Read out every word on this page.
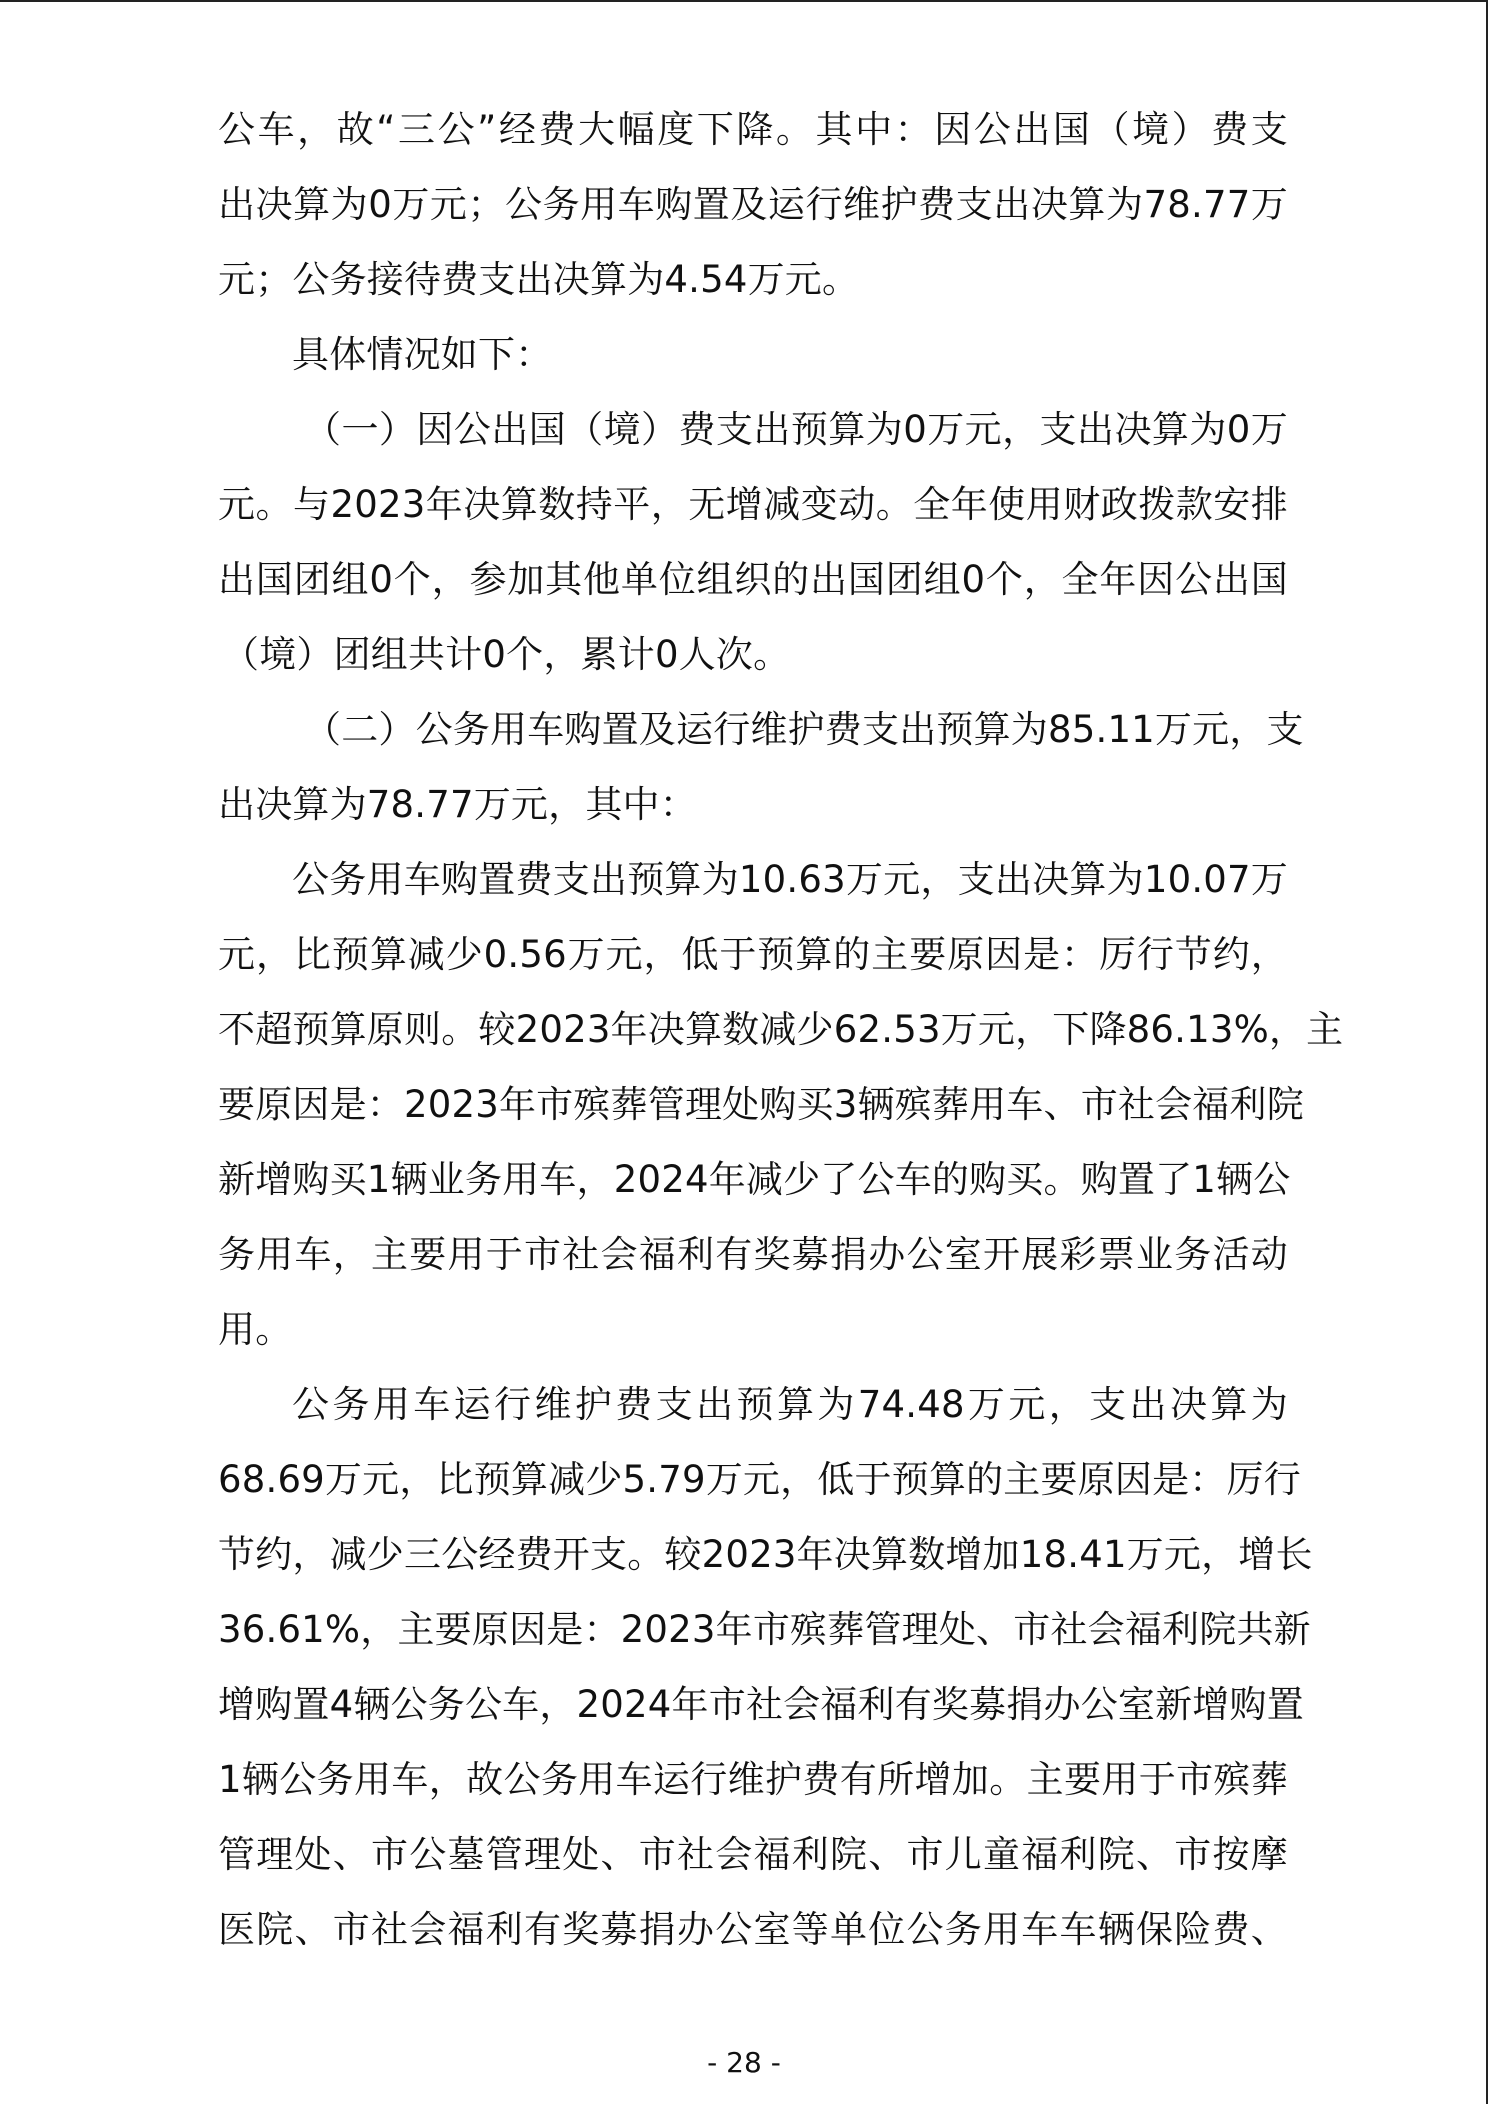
公车，故“三公”经费大幅度下降。其中：因公出国（境）费支
出决算为0万元；公务用车购置及运行维护费支出决算为78.77万
元；公务接待费支出决算为4.54万元。
具体情况如下：
（一）因公出国（境）费支出预算为0万元，支出决算为0万
元。与2023年决算数持平，无增减变动。全年使用财政拨款安排
出国团组0个，参加其他单位组织的出国团组0个，全年因公出国
（境）团组共计0个，累计0人次。
（二）公务用车购置及运行维护费支出预算为85.11万元，支
出决算为78.77万元，其中：
公务用车购置费支出预算为10.63万元，支出决算为10.07万
元，比预算减少0.56万元，低于预算的主要原因是：厉行节约，
不超预算原则。较2023年决算数减少62.53万元，下降86.13%，主
要原因是：2023年市殡葬管理处购买3辆殡葬用车、市社会福利院
新增购买1辆业务用车，2024年减少了公车的购买。购置了1辆公
务用车，主要用于市社会福利有奖募捐办公室开展彩票业务活动
用。
公务用车运行维护费支出预算为74.48万元，支出决算为
68.69万元，比预算减少5.79万元，低于预算的主要原因是：厉行
节约，减少三公经费开支。较2023年决算数增加18.41万元，增长
36.61%，主要原因是：2023年市殡葬管理处、市社会福利院共新
增购置4辆公务公车，2024年市社会福利有奖募捐办公室新增购置
1辆公务用车，故公务用车运行维护费有所增加。主要用于市殡葬
管理处、市公墓管理处、市社会福利院、市儿童福利院、市按摩
医院、市社会福利有奖募捐办公室等单位公务用车车辆保险费、
- 28 -
